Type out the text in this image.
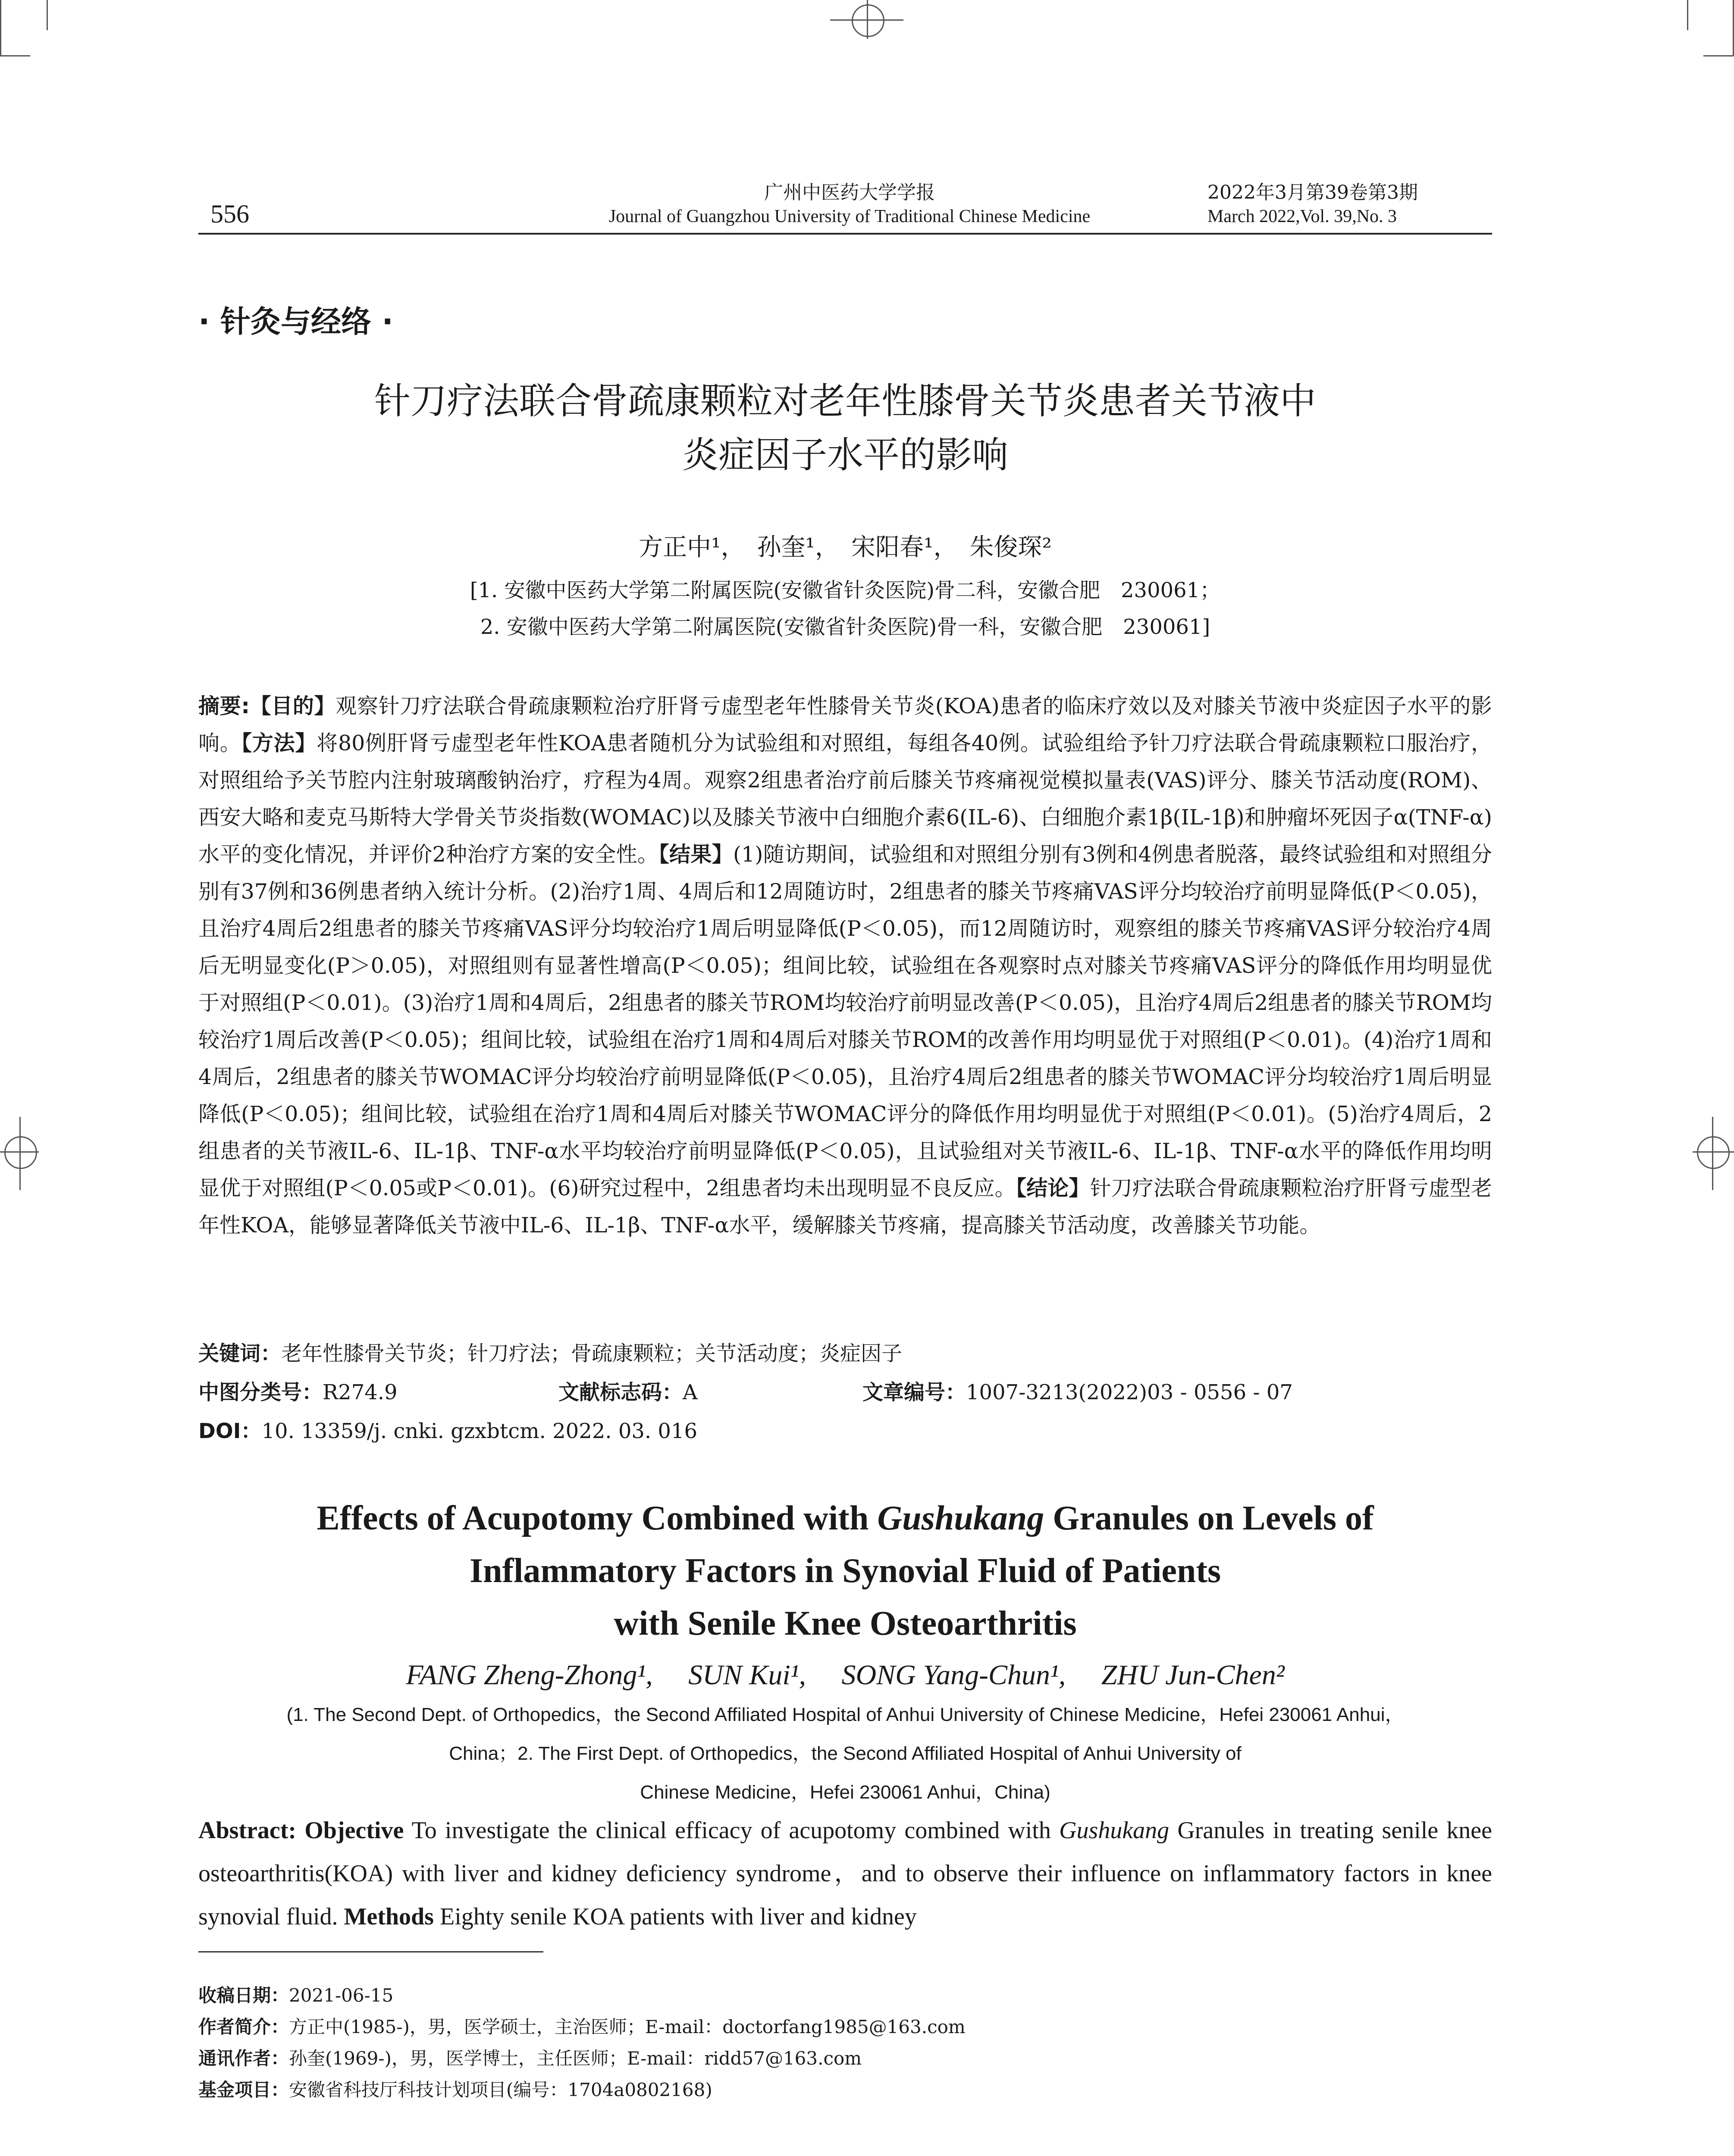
556
广州中医药大学学报
Journal of Guangzhou University of Traditional Chinese Medicine
2022年3月第39卷第3期
March 2022,Vol. 39,No. 3
· 针灸与经络 ·
针刀疗法联合骨疏康颗粒对老年性膝骨关节炎患者关节液中
炎症因子水平的影响
方正中¹，　孙奎¹，　宋阳春¹，　朱俊琛²
[1. 安徽中医药大学第二附属医院(安徽省针灸医院)骨二科，安徽合肥　230061；
2. 安徽中医药大学第二附属医院(安徽省针灸医院)骨一科，安徽合肥　230061]
摘要:【目的】观察针刀疗法联合骨疏康颗粒治疗肝肾亏虚型老年性膝骨关节炎(KOA)患者的临床疗效以及对膝关节液中炎症因子水平的影响。【方法】将80例肝肾亏虚型老年性KOA患者随机分为试验组和对照组，每组各40例。试验组给予针刀疗法联合骨疏康颗粒口服治疗，对照组给予关节腔内注射玻璃酸钠治疗，疗程为4周。观察2组患者治疗前后膝关节疼痛视觉模拟量表(VAS)评分、膝关节活动度(ROM)、西安大略和麦克马斯特大学骨关节炎指数(WOMAC)以及膝关节液中白细胞介素6(IL-6)、白细胞介素1β(IL-1β)和肿瘤坏死因子α(TNF-α)水平的变化情况，并评价2种治疗方案的安全性。【结果】(1)随访期间，试验组和对照组分别有3例和4例患者脱落，最终试验组和对照组分别有37例和36例患者纳入统计分析。(2)治疗1周、4周后和12周随访时，2组患者的膝关节疼痛VAS评分均较治疗前明显降低(P＜0.05)，且治疗4周后2组患者的膝关节疼痛VAS评分均较治疗1周后明显降低(P＜0.05)，而12周随访时，观察组的膝关节疼痛VAS评分较治疗4周后无明显变化(P＞0.05)，对照组则有显著性增高(P＜0.05)；组间比较，试验组在各观察时点对膝关节疼痛VAS评分的降低作用均明显优于对照组(P＜0.01)。(3)治疗1周和4周后，2组患者的膝关节ROM均较治疗前明显改善(P＜0.05)，且治疗4周后2组患者的膝关节ROM均较治疗1周后改善(P＜0.05)；组间比较，试验组在治疗1周和4周后对膝关节ROM的改善作用均明显优于对照组(P＜0.01)。(4)治疗1周和4周后，2组患者的膝关节WOMAC评分均较治疗前明显降低(P＜0.05)，且治疗4周后2组患者的膝关节WOMAC评分均较治疗1周后明显降低(P＜0.05)；组间比较，试验组在治疗1周和4周后对膝关节WOMAC评分的降低作用均明显优于对照组(P＜0.01)。(5)治疗4周后，2组患者的关节液IL-6、IL-1β、TNF-α水平均较治疗前明显降低(P＜0.05)，且试验组对关节液IL-6、IL-1β、TNF-α水平的降低作用均明显优于对照组(P＜0.05或P＜0.01)。(6)研究过程中，2组患者均未出现明显不良反应。【结论】针刀疗法联合骨疏康颗粒治疗肝肾亏虚型老年性KOA，能够显著降低关节液中IL-6、IL-1β、TNF-α水平，缓解膝关节疼痛，提高膝关节活动度，改善膝关节功能。
关键词：老年性膝骨关节炎；针刀疗法；骨疏康颗粒；关节活动度；炎症因子
中图分类号：R274.9	文献标志码：A	文章编号：1007-3213(2022)03 - 0556 - 07
DOI：10. 13359/j. cnki. gzxbtcm. 2022. 03. 016
Effects of Acupotomy Combined with Gushukang Granules on Levels of
Inflammatory Factors in Synovial Fluid of Patients
with Senile Knee Osteoarthritis
FANG Zheng-Zhong¹,　 SUN Kui¹,　 SONG Yang-Chun¹,　 ZHU Jun-Chen²
(1. The Second Dept. of Orthopedics，the Second Affiliated Hospital of Anhui University of Chinese Medicine，Hefei 230061 Anhui，
China；2. The First Dept. of Orthopedics，the Second Affiliated Hospital of Anhui University of
Chinese Medicine，Hefei 230061 Anhui，China)
Abstract: Objective To investigate the clinical efficacy of acupotomy combined with Gushukang Granules in treating senile knee osteoarthritis(KOA) with liver and kidney deficiency syndrome，and to observe their influence on inflammatory factors in knee synovial fluid. Methods Eighty senile KOA patients with liver and kidney
收稿日期：2021-06-15
作者简介：方正中(1985-)，男，医学硕士，主治医师；E-mail：doctorfang1985@163.com
通讯作者：孙奎(1969-)，男，医学博士，主任医师；E-mail：ridd57@163.com
基金项目：安徽省科技厅科技计划项目(编号：1704a0802168)
